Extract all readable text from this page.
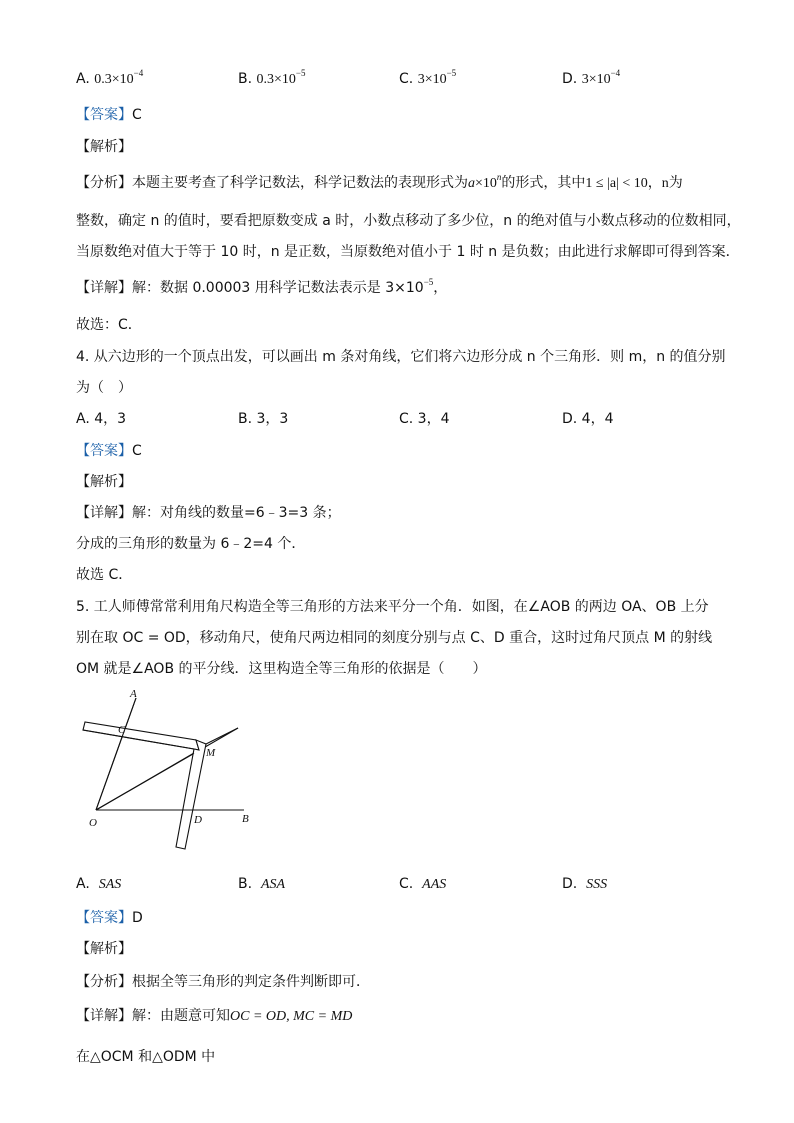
A. $0.3\times 10^{-4}$	B. $0.3\times 10^{-5}$	C. $3\times 10^{-5}$	D. $3\times 10^{-4}$
【答案】C
【解析】
【分析】本题主要考查了科学记数法，科学记数法的表现形式为$a\times 10^n$的形式，其中1 ≤ |a| < 10，n为
整数，确定 n 的值时，要看把原数变成 a 时，小数点移动了多少位，n 的绝对值与小数点移动的位数相同，
当原数绝对值大于等于 10 时，n 是正数，当原数绝对值小于 1 时 n 是负数；由此进行求解即可得到答案．
【详解】解：数据 0.00003 用科学记数法表示是 $3\times 10^{-5}$，
故选：C．
4. 从六边形的一个顶点出发，可以画出 m 条对角线，它们将六边形分成 n 个三角形．则 m，n 的值分别
为（　）
A. 4，3	B. 3，3	C. 3，4	D. 4，4
【答案】C
【解析】
【详解】解：对角线的数量=6﹣3=3 条；
分成的三角形的数量为 6﹣2=4 个．
故选 C．
5. 工人师傅常常利用角尺构造全等三角形的方法来平分一个角．如图，在∠AOB 的两边 OA、OB 上分
别在取 OC = OD，移动角尺，使角尺两边相同的刻度分别与点 C、D 重合，这时过角尺顶点 M 的射线
OM 就是∠AOB 的平分线．这里构造全等三角形的依据是（　　）
A
C
M
O	D	B
A. SAS	B. ASA	C. AAS	D. SSS
【答案】D
【解析】
【分析】根据全等三角形的判定条件判断即可．
【详解】解：由题意可知OC = OD, MC = MD
在△OCM 和△ODM 中
